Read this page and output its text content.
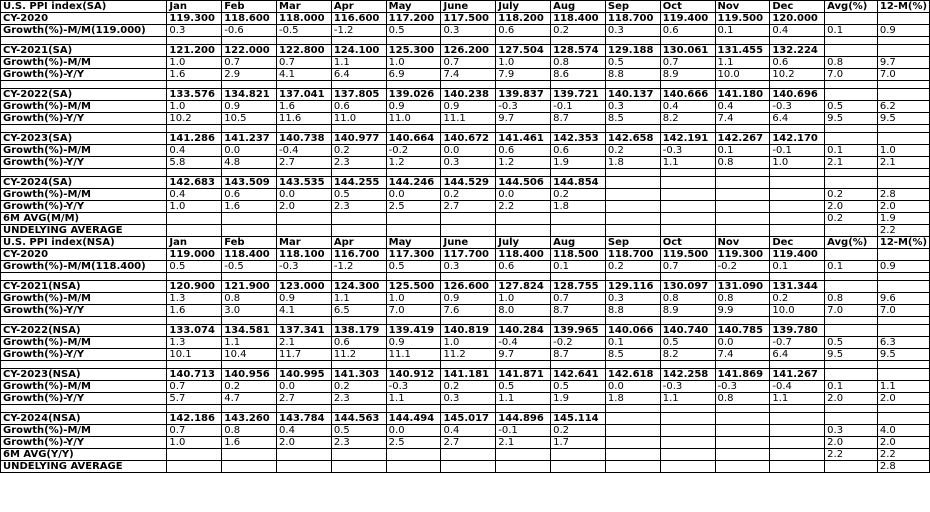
U.S. PPI index(SA)	Jan	Feb	Mar	Apr	May	June	July	Aug	Sep	Oct	Nov	Dec	Avg(%)	12-M(%)
CY-2020	119.300	118.600	118.000	116.600	117.200	117.500	118.200	118.400	118.700	119.400	119.500	120.000		
Growth(%)-M/M(119.000)	0.3	-0.6	-0.5	-1.2	0.5	0.3	0.6	0.2	0.3	0.6	0.1	0.4	0.1	0.9

CY-2021(SA)	121.200	122.000	122.800	124.100	125.300	126.200	127.504	128.574	129.188	130.061	131.455	132.224		
Growth(%)-M/M	1.0	0.7	0.7	1.1	1.0	0.7	1.0	0.8	0.5	0.7	1.1	0.6	0.8	9.7
Growth(%)-Y/Y	1.6	2.9	4.1	6.4	6.9	7.4	7.9	8.6	8.8	8.9	10.0	10.2	7.0	7.0

CY-2022(SA)	133.576	134.821	137.041	137.805	139.026	140.238	139.837	139.721	140.137	140.666	141.180	140.696		
Growth(%)-M/M	1.0	0.9	1.6	0.6	0.9	0.9	-0.3	-0.1	0.3	0.4	0.4	-0.3	0.5	6.2
Growth(%)-Y/Y	10.2	10.5	11.6	11.0	11.0	11.1	9.7	8.7	8.5	8.2	7.4	6.4	9.5	9.5

CY-2023(SA)	141.286	141.237	140.738	140.977	140.664	140.672	141.461	142.353	142.658	142.191	142.267	142.170		
Growth(%)-M/M	0.4	0.0	-0.4	0.2	-0.2	0.0	0.6	0.6	0.2	-0.3	0.1	-0.1	0.1	1.0
Growth(%)-Y/Y	5.8	4.8	2.7	2.3	1.2	0.3	1.2	1.9	1.8	1.1	0.8	1.0	2.1	2.1

CY-2024(SA)	142.683	143.509	143.535	144.255	144.246	144.529	144.506	144.854						
Growth(%)-M/M	0.4	0.6	0.0	0.5	0.0	0.2	0.0	0.2					0.2	2.8
Growth(%)-Y/Y	1.0	1.6	2.0	2.3	2.5	2.7	2.2	1.8					2.0	2.0
6M AVG(M/M)													0.2	1.9
UNDELYING AVERAGE														2.2
U.S. PPI index(NSA)	Jan	Feb	Mar	Apr	May	June	July	Aug	Sep	Oct	Nov	Dec	Avg(%)	12-M(%)
CY-2020	119.000	118.400	118.100	116.700	117.300	117.700	118.400	118.500	118.700	119.500	119.300	119.400		
Growth(%)-M/M(118.400)	0.5	-0.5	-0.3	-1.2	0.5	0.3	0.6	0.1	0.2	0.7	-0.2	0.1	0.1	0.9

CY-2021(NSA)	120.900	121.900	123.000	124.300	125.500	126.600	127.824	128.755	129.116	130.097	131.090	131.344		
Growth(%)-M/M	1.3	0.8	0.9	1.1	1.0	0.9	1.0	0.7	0.3	0.8	0.8	0.2	0.8	9.6
Growth(%)-Y/Y	1.6	3.0	4.1	6.5	7.0	7.6	8.0	8.7	8.8	8.9	9.9	10.0	7.0	7.0

CY-2022(NSA)	133.074	134.581	137.341	138.179	139.419	140.819	140.284	139.965	140.066	140.740	140.785	139.780		
Growth(%)-M/M	1.3	1.1	2.1	0.6	0.9	1.0	-0.4	-0.2	0.1	0.5	0.0	-0.7	0.5	6.3
Growth(%)-Y/Y	10.1	10.4	11.7	11.2	11.1	11.2	9.7	8.7	8.5	8.2	7.4	6.4	9.5	9.5

CY-2023(NSA)	140.713	140.956	140.995	141.303	140.912	141.181	141.871	142.641	142.618	142.258	141.869	141.267		
Growth(%)-M/M	0.7	0.2	0.0	0.2	-0.3	0.2	0.5	0.5	0.0	-0.3	-0.3	-0.4	0.1	1.1
Growth(%)-Y/Y	5.7	4.7	2.7	2.3	1.1	0.3	1.1	1.9	1.8	1.1	0.8	1.1	2.0	2.0

CY-2024(NSA)	142.186	143.260	143.784	144.563	144.494	145.017	144.896	145.114						
Growth(%)-M/M	0.7	0.8	0.4	0.5	0.0	0.4	-0.1	0.2					0.3	4.0
Growth(%)-Y/Y	1.0	1.6	2.0	2.3	2.5	2.7	2.1	1.7					2.0	2.0
6M AVG(Y/Y)													2.2	2.2
UNDELYING AVERAGE														2.8
